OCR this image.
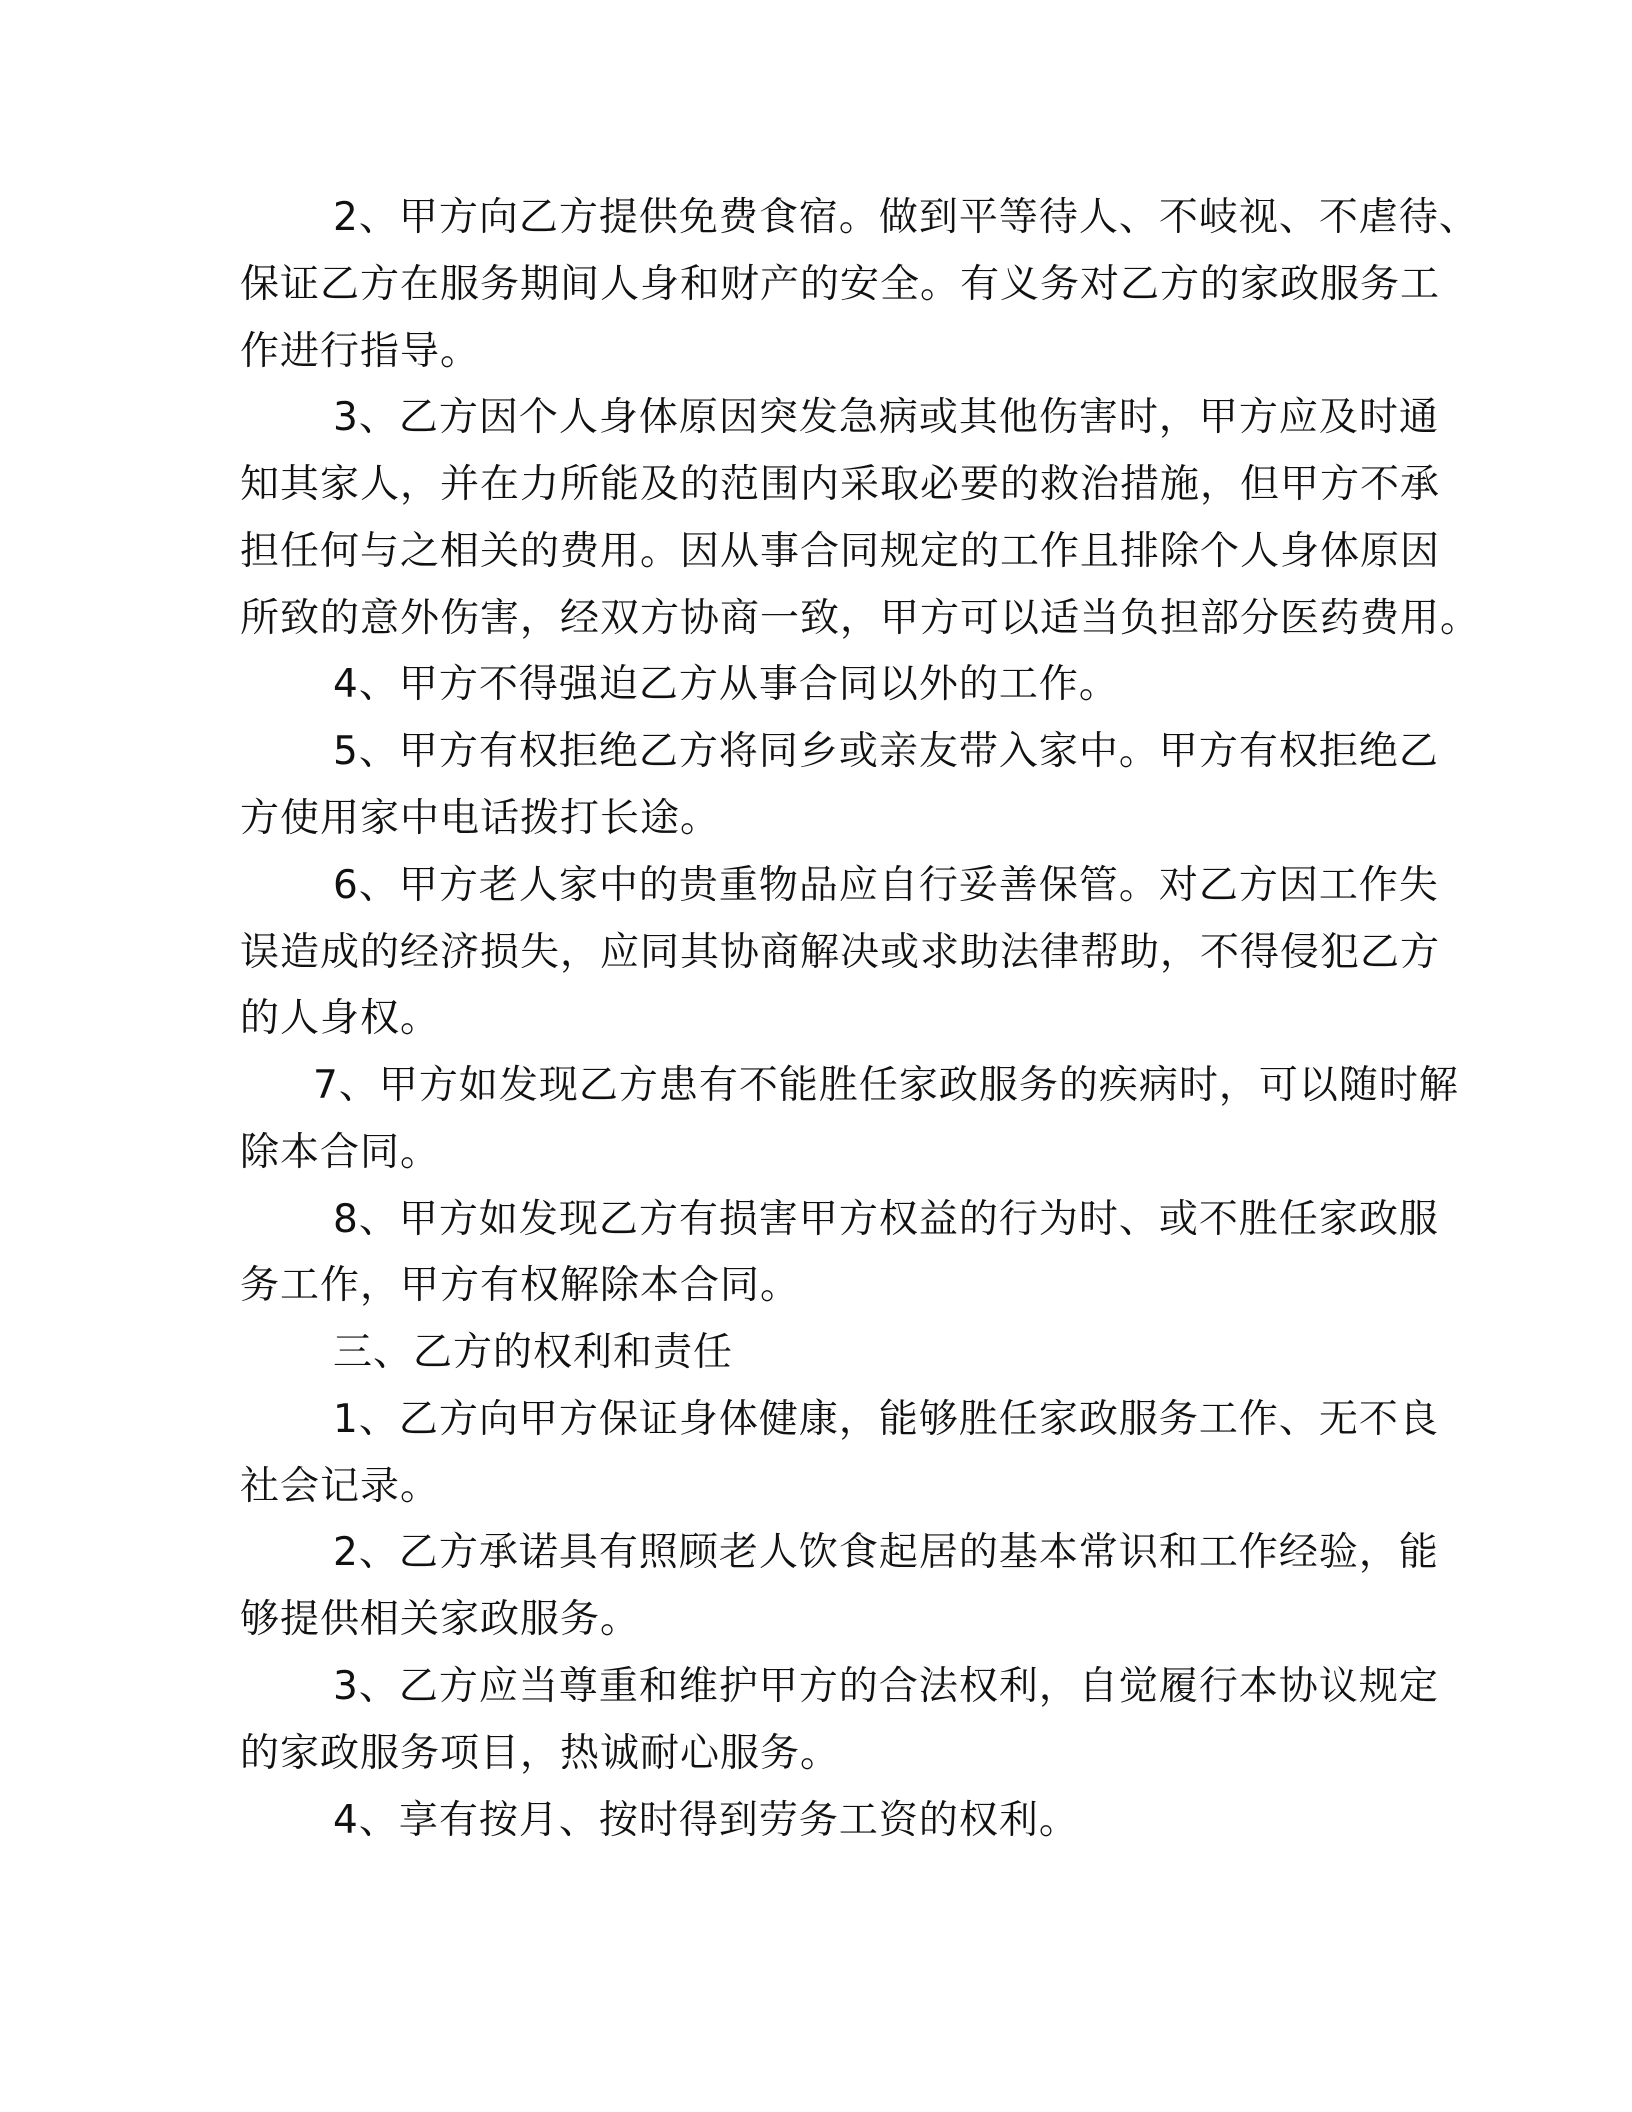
2、甲方向乙方提供免费食宿。做到平等待人、不岐视、不虐待、
保证乙方在服务期间人身和财产的安全。有义务对乙方的家政服务工
作进行指导。
3、乙方因个人身体原因突发急病或其他伤害时，甲方应及时通
知其家人，并在力所能及的范围内采取必要的救治措施，但甲方不承
担任何与之相关的费用。因从事合同规定的工作且排除个人身体原因
所致的意外伤害，经双方协商一致，甲方可以适当负担部分医药费用。
4、甲方不得强迫乙方从事合同以外的工作。
5、甲方有权拒绝乙方将同乡或亲友带入家中。甲方有权拒绝乙
方使用家中电话拨打长途。
6、甲方老人家中的贵重物品应自行妥善保管。对乙方因工作失
误造成的经济损失，应同其协商解决或求助法律帮助，不得侵犯乙方
的人身权。
7、甲方如发现乙方患有不能胜任家政服务的疾病时，可以随时解
除本合同。
8、甲方如发现乙方有损害甲方权益的行为时、或不胜任家政服
务工作，甲方有权解除本合同。
三、乙方的权利和责任
1、乙方向甲方保证身体健康，能够胜任家政服务工作、无不良
社会记录。
2、乙方承诺具有照顾老人饮食起居的基本常识和工作经验，能
够提供相关家政服务。
3、乙方应当尊重和维护甲方的合法权利，自觉履行本协议规定
的家政服务项目，热诚耐心服务。
4、享有按月、按时得到劳务工资的权利。
